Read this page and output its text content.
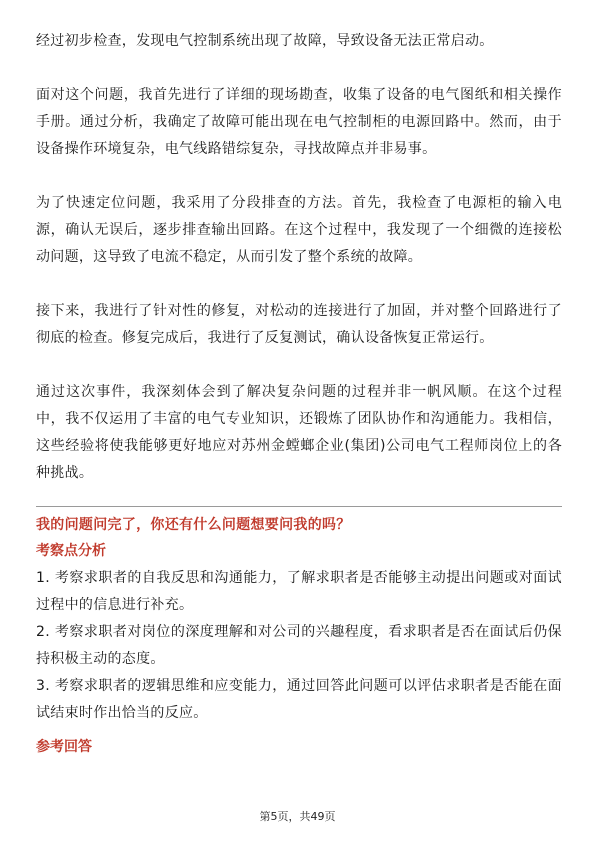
经过初步检查，发现电气控制系统出现了故障，导致设备无法正常启动。

面对这个问题，我首先进行了详细的现场勘查，收集了设备的电气图纸和相关操作手册。通过分析，我确定了故障可能出现在电气控制柜的电源回路中。然而，由于设备操作环境复杂，电气线路错综复杂，寻找故障点并非易事。

为了快速定位问题，我采用了分段排查的方法。首先，我检查了电源柜的输入电源，确认无误后，逐步排查输出回路。在这个过程中，我发现了一个细微的连接松动问题，这导致了电流不稳定，从而引发了整个系统的故障。

接下来，我进行了针对性的修复，对松动的连接进行了加固，并对整个回路进行了彻底的检查。修复完成后，我进行了反复测试，确认设备恢复正常运行。

通过这次事件，我深刻体会到了解决复杂问题的过程并非一帆风顺。在这个过程中，我不仅运用了丰富的电气专业知识，还锻炼了团队协作和沟通能力。我相信，这些经验将使我能够更好地应对苏州金螳螂企业(集团)公司电气工程师岗位上的各种挑战。

我的问题问完了，你还有什么问题想要问我的吗？
考察点分析

1. 考察求职者的自我反思和沟通能力，了解求职者是否能够主动提出问题或对面试过程中的信息进行补充。

2. 考察求职者对岗位的深度理解和对公司的兴趣程度，看求职者是否在面试后仍保持积极主动的态度。

3. 考察求职者的逻辑思维和应变能力，通过回答此问题可以评估求职者是否能在面试结束时作出恰当的反应。

参考回答
第5页，共49页
